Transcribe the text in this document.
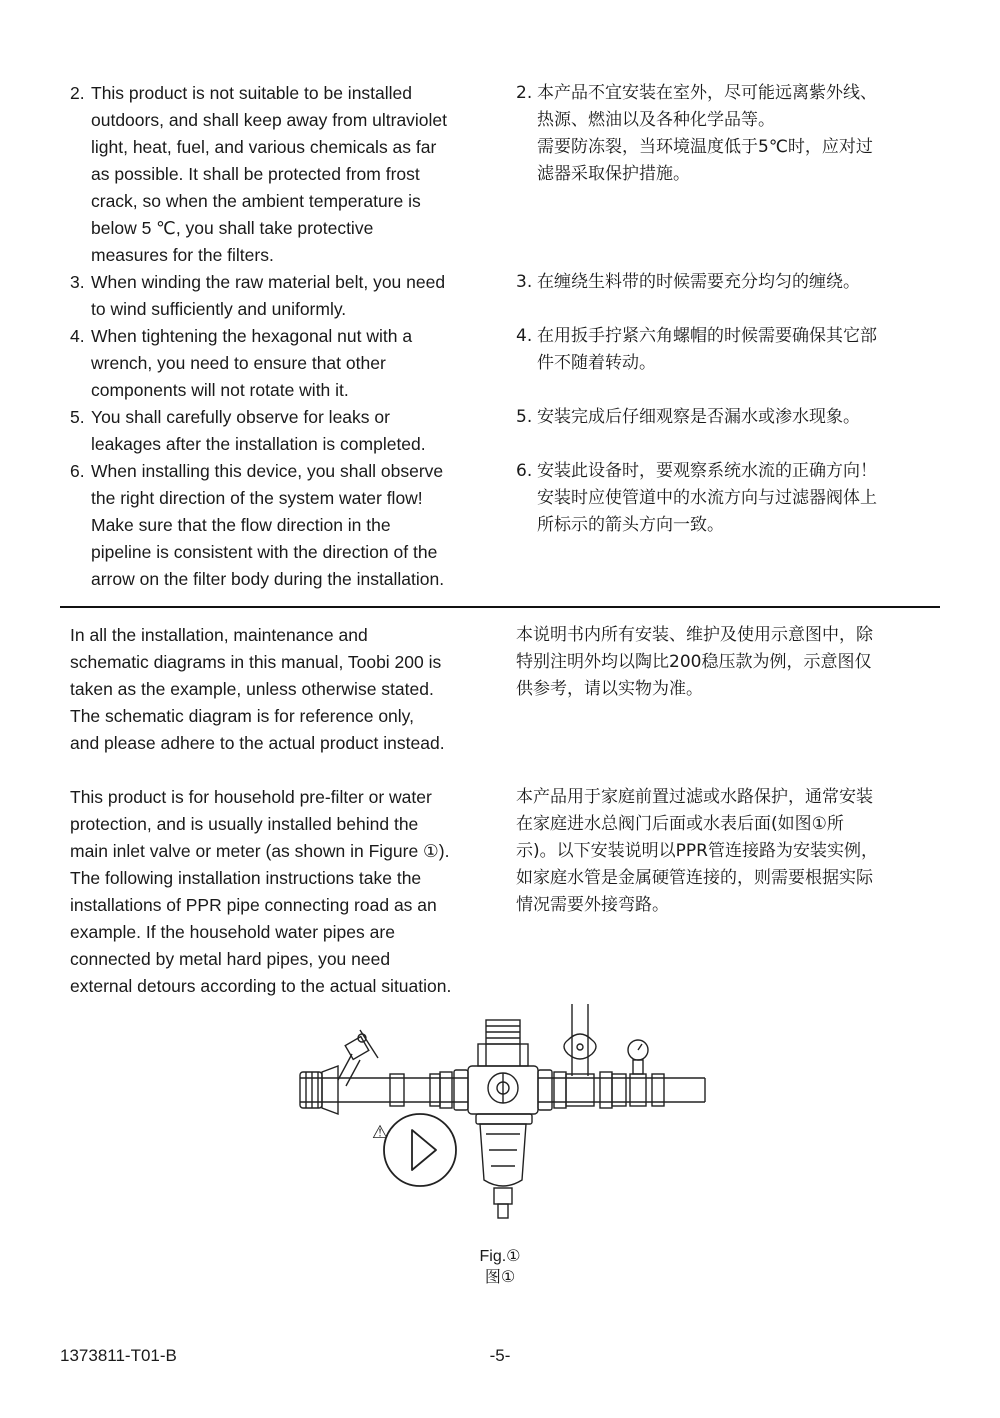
2. This product is not suitable to be installed
outdoors, and shall keep away from ultraviolet
light, heat, fuel, and various chemicals as far
as possible. It shall be protected from frost
crack, so when the ambient temperature is
below 5 ℃, you shall take protective
measures for the filters.
3. When winding the raw material belt, you need
to wind sufficiently and uniformly.
4. When tightening the hexagonal nut with a
wrench, you need to ensure that other
components will not rotate with it.
5. You shall carefully observe for leaks or
leakages after the installation is completed.
6. When installing this device, you shall observe
the right direction of the system water flow!
Make sure that the flow direction in the
pipeline is consistent with the direction of the
arrow on the filter body during the installation.
2. 本产品不宜安装在室外，尽可能远离紫外线、
热源、燃油以及各种化学品等。
需要防冻裂，当环境温度低于5℃时，应对过
滤器采取保护措施。
3. 在缠绕生料带的时候需要充分均匀的缠绕。
4. 在用扳手拧紧六角螺帽的时候需要确保其它部
件不随着转动。
5. 安装完成后仔细观察是否漏水或渗水现象。
6. 安装此设备时，要观察系统水流的正确方向！
安装时应使管道中的水流方向与过滤器阀体上
所标示的箭头方向一致。

In all the installation, maintenance and
schematic diagrams in this manual, Toobi 200 is
taken as the example, unless otherwise stated.
The schematic diagram is for reference only,
and please adhere to the actual product instead.

本说明书内所有安装、维护及使用示意图中，除
特别注明外均以陶比200稳压款为例，示意图仅
供参考，请以实物为准。

This product is for household pre-filter or water
protection, and is usually installed behind the
main inlet valve or meter (as shown in Figure ①).
The following installation instructions take the
installations of PPR pipe connecting road as an
example. If the household water pipes are
connected by metal hard pipes, you need
external detours according to the actual situation.

本产品用于家庭前置过滤或水路保护，通常安装
在家庭进水总阀门后面或水表后面(如图①所
示)。以下安装说明以PPR管连接路为安装实例，
如家庭水管是金属硬管连接的，则需要根据实际
情况需要外接弯路。

⚠
Fig.①
图①
1373811-T01-B	-5-
